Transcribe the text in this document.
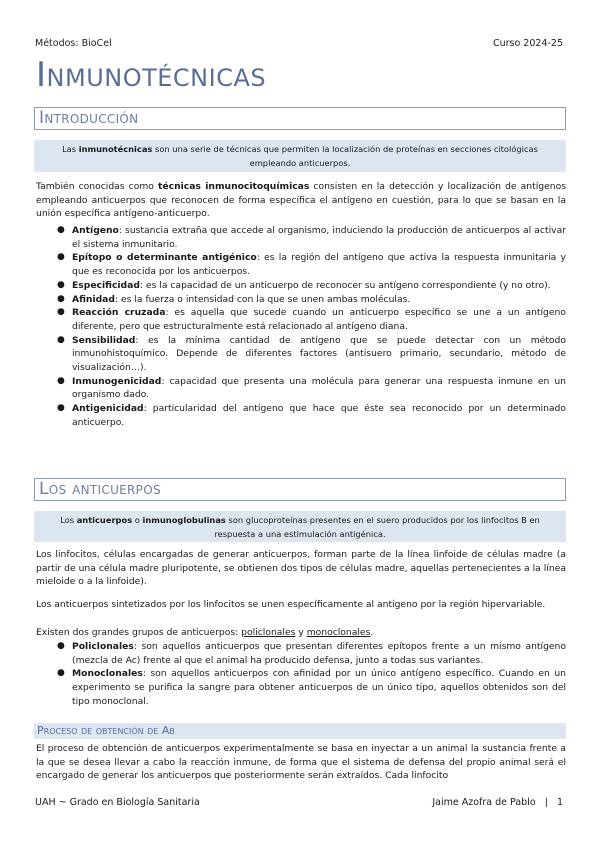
Métodos: BioCel	Curso 2024-25
Inmunotécnicas
Introducción
Las inmunotécnicas son una serie de técnicas que permiten la localización de proteínas en secciones citológicas empleando anticuerpos.
También conocidas como técnicas inmunocitoquímicas consisten en la detección y localización de antígenos empleando anticuerpos que reconocen de forma específica el antígeno en cuestión, para lo que se basan en la unión específica antígeno-anticuerpo.
● Antígeno: sustancia extraña que accede al organismo, induciendo la producción de anticuerpos al activar el sistema inmunitario.
● Epítopo o determinante antigénico: es la región del antígeno que activa la respuesta inmunitaria y que es reconocida por los anticuerpos.
● Especificidad: es la capacidad de un anticuerpo de reconocer su antígeno correspondiente (y no otro).
● Afinidad: es la fuerza o intensidad con la que se unen ambas moléculas.
● Reacción cruzada: es aquella que sucede cuando un anticuerpo específico se une a un antígeno diferente, pero que estructuralmente está relacionado al antígeno diana.
● Sensibilidad: es la mínima cantidad de antígeno que se puede detectar con un método inmunohistoquímico. Depende de diferentes factores (antisuero primario, secundario, método de visualización…).
● Inmunogenicidad: capacidad que presenta una molécula para generar una respuesta inmune en un organismo dado.
● Antigenicidad: particularidad del antígeno que hace que éste sea reconocido por un determinado anticuerpo.
Los anticuerpos
Los anticuerpos o inmunoglobulinas son glucoproteínas presentes en el suero producidos por los linfocitos B en respuesta a una estimulación antigénica.
Los linfocitos, células encargadas de generar anticuerpos, forman parte de la línea linfoide de células madre (a partir de una célula madre pluripotente, se obtienen dos tipos de células madre, aquellas pertenecientes a la línea mieloide o a la linfoide).
Los anticuerpos sintetizados por los linfocitos se unen específicamente al antígeno por la región hipervariable.
Existen dos grandes grupos de anticuerpos: policlonales y monoclonales.
● Policlonales: son aquellos anticuerpos que presentan diferentes epítopos frente a un mismo antígeno (mezcla de Ac) frente al que el animal ha producido defensa, junto a todas sus variantes.
● Monoclonales: son aquellos anticuerpos con afinidad por un único antígeno específico. Cuando en un experimento se purifica la sangre para obtener anticuerpos de un único tipo, aquellos obtenidos son del tipo monoclonal.
Proceso de obtención de Ab
El proceso de obtención de anticuerpos experimentalmente se basa en inyectar a un animal la sustancia frente a la que se desea llevar a cabo la reacción inmune, de forma que el sistema de defensa del propio animal será el encargado de generar los anticuerpos que posteriormente serán extraídos. Cada linfocito
UAH ~ Grado en Biología Sanitaria	Jaime Azofra de Pablo   |   1
